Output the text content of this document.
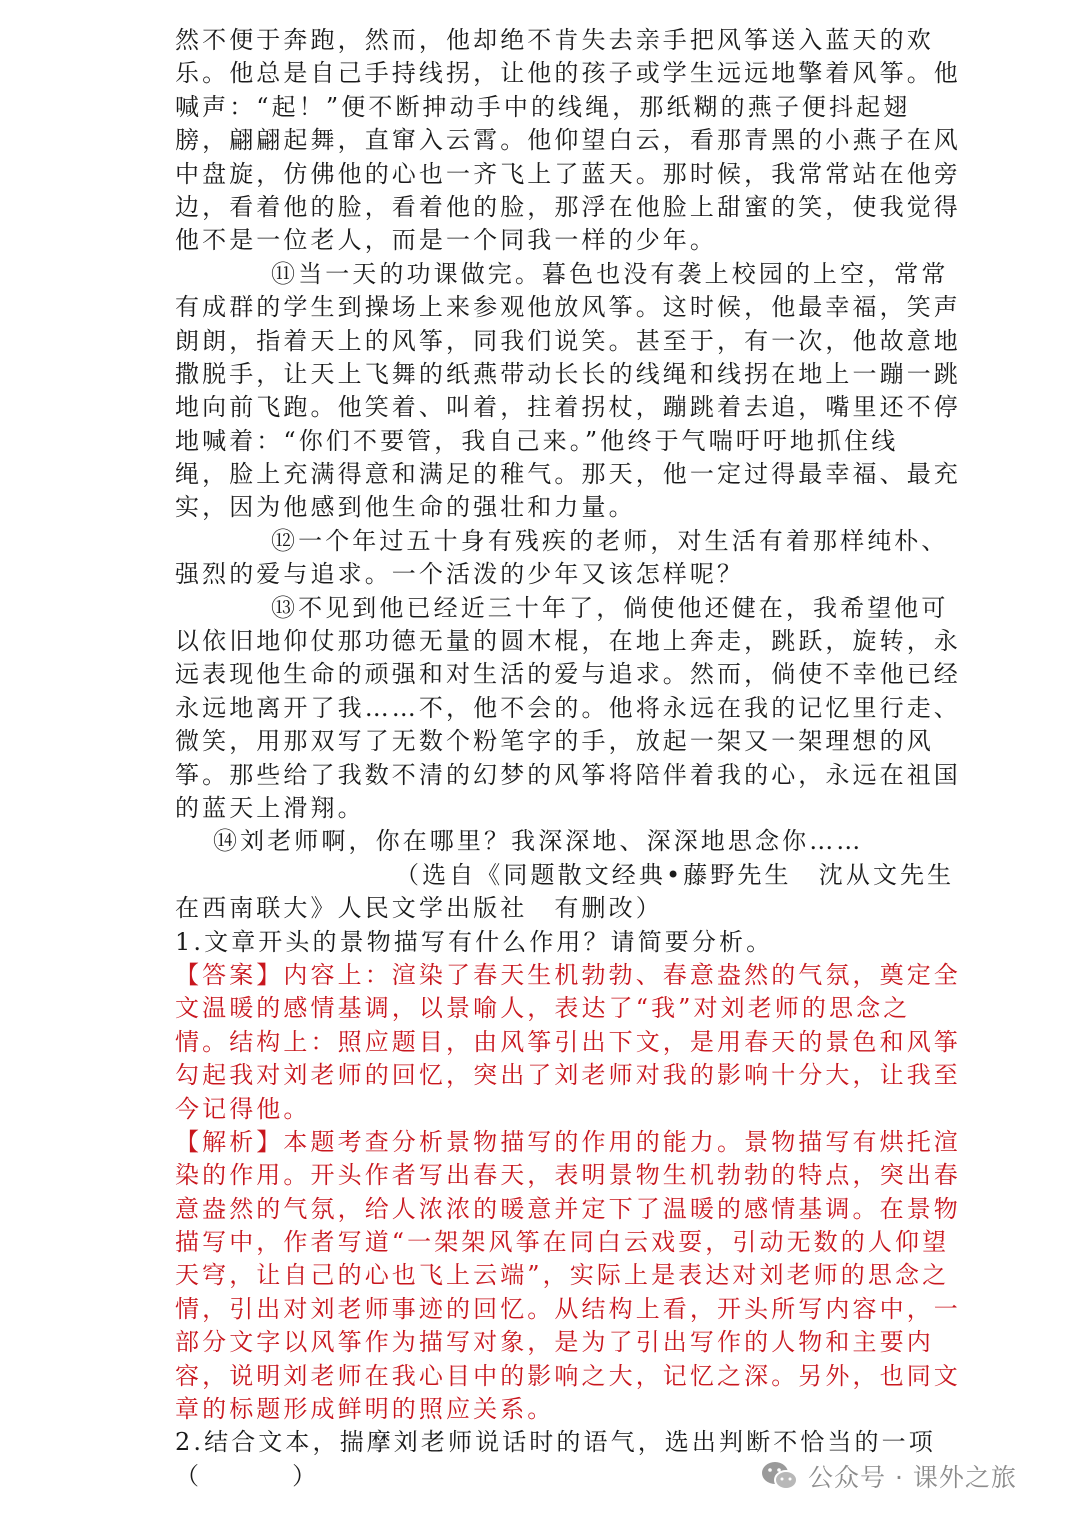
然不便于奔跑，然而，他却绝不肯失去亲手把风筝送入蓝天的欢
乐。他总是自己手持线拐，让他的孩子或学生远远地擎着风筝。他
喊声：“起！”便不断抻动手中的线绳，那纸糊的燕子便抖起翅
膀，翩翩起舞，直窜入云霄。他仰望白云，看那青黑的小燕子在风
中盘旋，仿佛他的心也一齐飞上了蓝天。那时候，我常常站在他旁
边，看着他的脸，看着他的脸，那浮在他脸上甜蜜的笑，使我觉得
他不是一位老人，而是一个同我一样的少年。
⑪当一天的功课做完。暮色也没有袭上校园的上空，常常
有成群的学生到操场上来参观他放风筝。这时候，他最幸福，笑声
朗朗，指着天上的风筝，同我们说笑。甚至于，有一次，他故意地
撒脱手，让天上飞舞的纸燕带动长长的线绳和线拐在地上一蹦一跳
地向前飞跑。他笑着、叫着，拄着拐杖，蹦跳着去追，嘴里还不停
地喊着：“你们不要管，我自己来。”他终于气喘吁吁地抓住线
绳，脸上充满得意和满足的稚气。那天，他一定过得最幸福、最充
实，因为他感到他生命的强壮和力量。
⑫一个年过五十身有残疾的老师，对生活有着那样纯朴、
强烈的爱与追求。一个活泼的少年又该怎样呢？
⑬不见到他已经近三十年了，倘使他还健在，我希望他可
以依旧地仰仗那功德无量的圆木棍，在地上奔走，跳跃，旋转，永
远表现他生命的顽强和对生活的爱与追求。然而，倘使不幸他已经
永远地离开了我……不，他不会的。他将永远在我的记忆里行走、
微笑，用那双写了无数个粉笔字的手，放起一架又一架理想的风
筝。那些给了我数不清的幻梦的风筝将陪伴着我的心，永远在祖国
的蓝天上滑翔。
⑭刘老师啊，你在哪里？我深深地、深深地思念你……
（选自《同题散文经典•藤野先生　沈从文先生
在西南联大》人民文学出版社　有删改）
1.文章开头的景物描写有什么作用？请简要分析。
【答案】内容上：渲染了春天生机勃勃、春意盎然的气氛，奠定全
文温暖的感情基调，以景喻人，表达了“我”对刘老师的思念之
情。结构上：照应题目，由风筝引出下文，是用春天的景色和风筝
勾起我对刘老师的回忆，突出了刘老师对我的影响十分大，让我至
今记得他。
【解析】本题考查分析景物描写的作用的能力。景物描写有烘托渲
染的作用。开头作者写出春天，表明景物生机勃勃的特点，突出春
意盎然的气氛，给人浓浓的暖意并定下了温暖的感情基调。在景物
描写中，作者写道“一架架风筝在同白云戏耍，引动无数的人仰望
天穹，让自己的心也飞上云端”，实际上是表达对刘老师的思念之
情，引出对刘老师事迹的回忆。从结构上看，开头所写内容中，一
部分文字以风筝作为描写对象，是为了引出写作的人物和主要内
容，说明刘老师在我心目中的影响之大，记忆之深。另外，也同文
章的标题形成鲜明的照应关系。
2.结合文本，揣摩刘老师说话时的语气，选出判断不恰当的一项
（	）	公众号 · 课外之旅
